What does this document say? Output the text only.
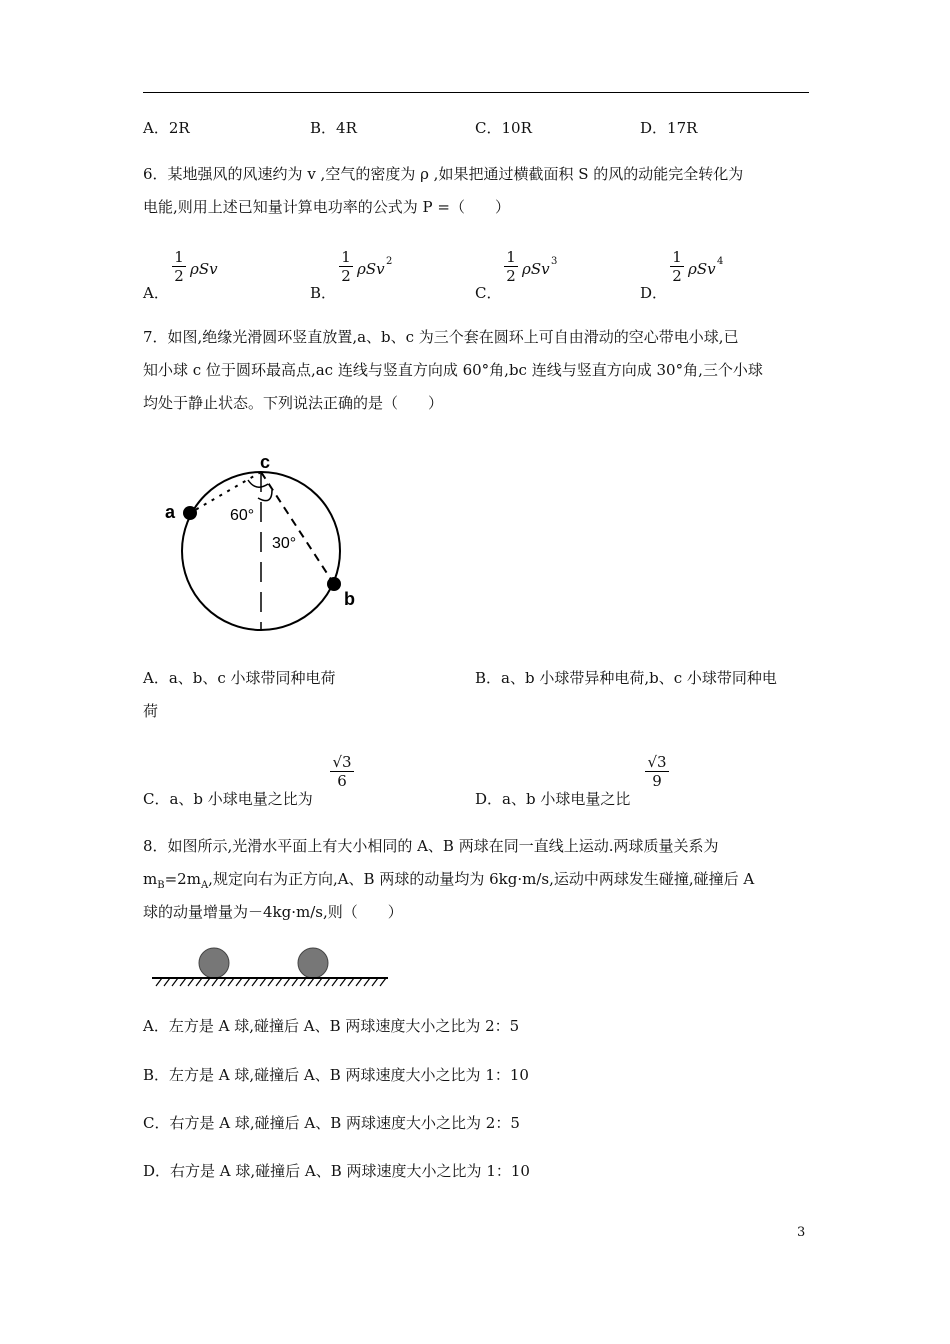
A．2R	B．4R	C．10R	D．17R
6．某地强风的风速约为 v ,空气的密度为 ρ ,如果把通过横截面积 S 的风的动能完全转化为
电能,则用上述已知量计算电功率的公式为 P =（　　）
A．
$\frac{1}{2}$ ρSv
B．
$\frac{1}{2}$ ρSv 2
C．
$\frac{1}{2}$ ρSv 3
D．
$\frac{1}{2}$ ρSv 4
7．如图,绝缘光滑圆环竖直放置,a、b、c 为三个套在圆环上可自由滑动的空心带电小球,已
知小球 c 位于圆环最高点,ac 连线与竖直方向成 60°角,bc 连线与竖直方向成 30°角,三个小球
均处于静止状态。下列说法正确的是（　　）
a
b
c
60°
30°
A．a、b、c 小球带同种电荷	B．a、b 小球带异种电荷,b、c 小球带同种电
荷
C．a、b 小球电量之比为
$\frac{√3}{6}$
D．a、b 小球电量之比
$\frac{√3}{9}$
8．如图所示,光滑水平面上有大小相同的 A、B 两球在同一直线上运动.两球质量关系为
$m_B=2m_A$,规定向右为正方向,A、B 两球的动量均为 6kg·m/s,运动中两球发生碰撞,碰撞后 A
球的动量增量为－4kg·m/s,则（　　）
A．左方是 A 球,碰撞后 A、B 两球速度大小之比为 2：5
B．左方是 A 球,碰撞后 A、B 两球速度大小之比为 1：10
C．右方是 A 球,碰撞后 A、B 两球速度大小之比为 2：5
D．右方是 A 球,碰撞后 A、B 两球速度大小之比为 1：10
3
